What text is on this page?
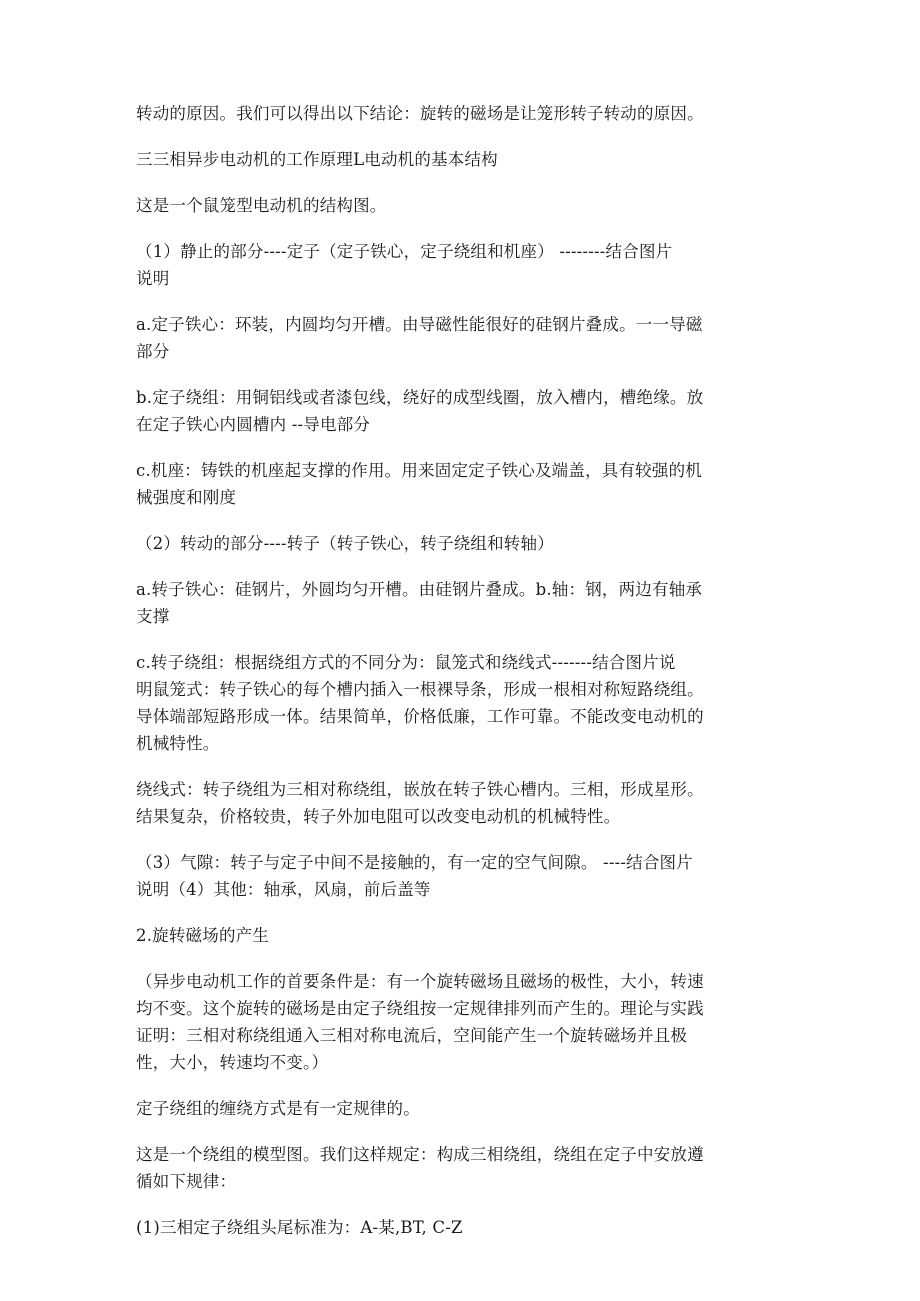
转动的原因。我们可以得出以下结论：旋转的磁场是让笼形转子转动的原因。

三三相异步电动机的工作原理L电动机的基本结构

这是一个鼠笼型电动机的结构图。

（1）静止的部分----定子（定子铁心，定子绕组和机座） --------结合图片
说明

a.定子铁心：环装，内圆均匀开槽。由导磁性能很好的硅钢片叠成。一一导磁
部分

b.定子绕组：用铜铝线或者漆包线，绕好的成型线圈，放入槽内，槽绝缘。放
在定子铁心内圆槽内 --导电部分

c.机座：铸铁的机座起支撑的作用。用来固定定子铁心及端盖，具有较强的机
械强度和刚度

（2）转动的部分----转子（转子铁心，转子绕组和转轴）

a.转子铁心：硅钢片，外圆均匀开槽。由硅钢片叠成。b.轴：钢，两边有轴承
支撑

c.转子绕组：根据绕组方式的不同分为：鼠笼式和绕线式-------结合图片说
明鼠笼式：转子铁心的每个槽内插入一根裸导条，形成一根相对称短路绕组。
导体端部短路形成一体。结果简单，价格低廉，工作可靠。不能改变电动机的
机械特性。

绕线式：转子绕组为三相对称绕组，嵌放在转子铁心槽内。三相，形成星形。
结果复杂，价格较贵，转子外加电阻可以改变电动机的机械特性。

（3）气隙：转子与定子中间不是接触的，有一定的空气间隙。 ----结合图片
说明（4）其他：轴承，风扇，前后盖等

2.旋转磁场的产生

（异步电动机工作的首要条件是：有一个旋转磁场且磁场的极性，大小，转速
均不变。这个旋转的磁场是由定子绕组按一定规律排列而产生的。理论与实践
证明：三相对称绕组通入三相对称电流后，空间能产生一个旋转磁场并且极
性，大小，转速均不变。）

定子绕组的缠绕方式是有一定规律的。

这是一个绕组的模型图。我们这样规定：构成三相绕组，绕组在定子中安放遵
循如下规律：

(1)三相定子绕组头尾标准为：A-某,BT, C-Z
